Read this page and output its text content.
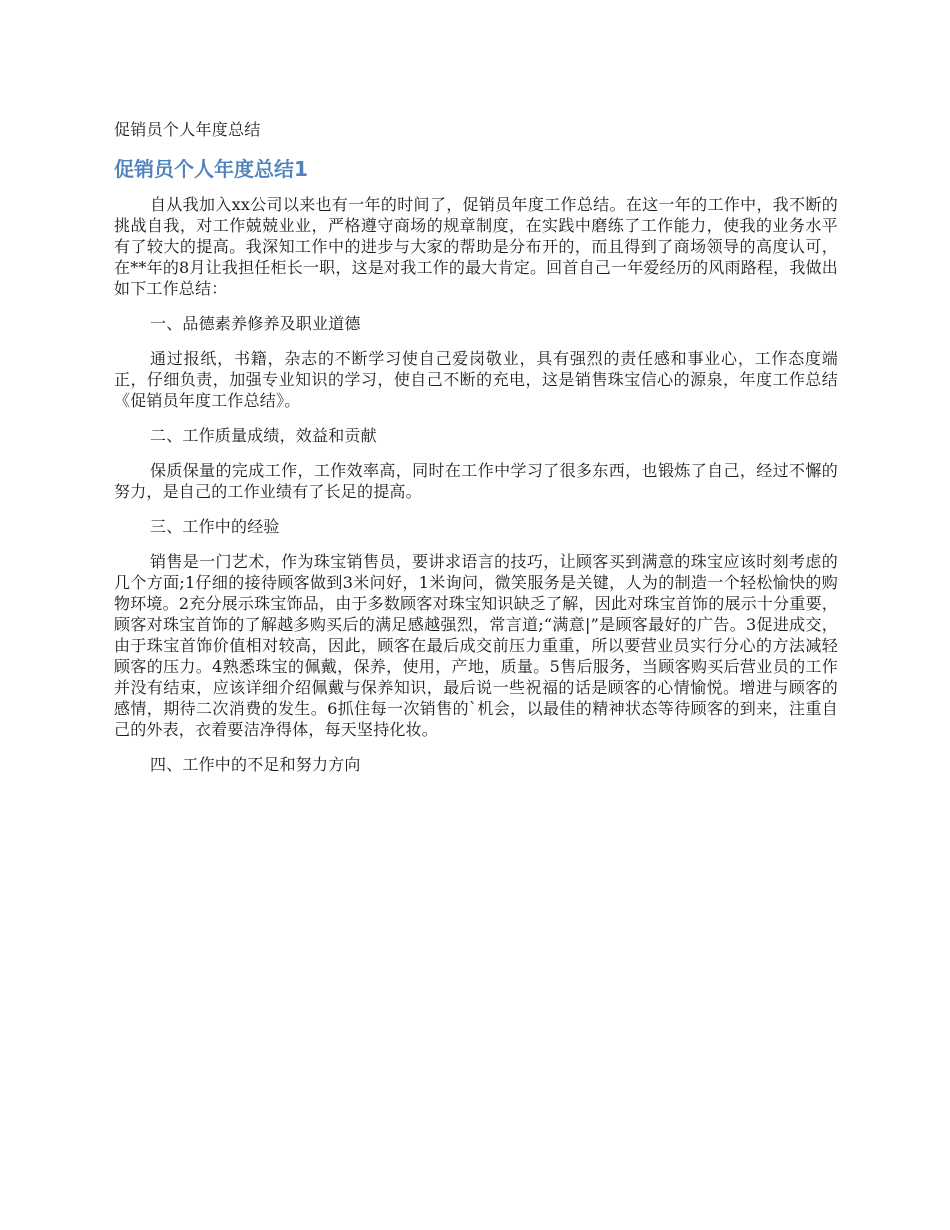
促销员个人年度总结
促销员个人年度总结1

自从我加入xx公司以来也有一年的时间了，促销员年度工作总结。在这一年的工作中，我不断的挑战自我，对工作兢兢业业，严格遵守商场的规章制度，在实践中磨练了工作能力，使我的业务水平有了较大的提高。我深知工作中的进步与大家的帮助是分布开的，而且得到了商场领导的高度认可，在**年的8月让我担任柜长一职，这是对我工作的最大肯定。回首自己一年爱经历的风雨路程，我做出如下工作总结：

一、品德素养修养及职业道德

通过报纸，书籍，杂志的不断学习使自己爱岗敬业，具有强烈的责任感和事业心，工作态度端正，仔细负责，加强专业知识的学习，使自己不断的充电，这是销售珠宝信心的源泉，年度工作总结《促销员年度工作总结》。

二、工作质量成绩，效益和贡献

保质保量的完成工作，工作效率高，同时在工作中学习了很多东西，也锻炼了自己，经过不懈的努力，是自己的工作业绩有了长足的提高。

三、工作中的经验

销售是一门艺术，作为珠宝销售员，要讲求语言的技巧，让顾客买到满意的珠宝应该时刻考虑的几个方面;1仔细的接待顾客做到3米问好，1米询问，微笑服务是关键，人为的制造一个轻松愉快的购物环境。2充分展示珠宝饰品，由于多数顾客对珠宝知识缺乏了解，因此对珠宝首饰的展示十分重要，顾客对珠宝首饰的了解越多购买后的满足感越强烈，常言道;“满意|”是顾客最好的广告。3促进成交，由于珠宝首饰价值相对较高，因此，顾客在最后成交前压力重重，所以要营业员实行分心的方法减轻顾客的压力。4熟悉珠宝的佩戴，保养，使用，产地，质量。5售后服务，当顾客购买后营业员的工作并没有结束，应该详细介绍佩戴与保养知识，最后说一些祝福的话是顾客的心情愉悦。增进与顾客的感情，期待二次消费的发生。6抓住每一次销售的`机会，以最佳的精神状态等待顾客的到来，注重自己的外表，衣着要洁净得体，每天坚持化妆。

四、工作中的不足和努力方向
